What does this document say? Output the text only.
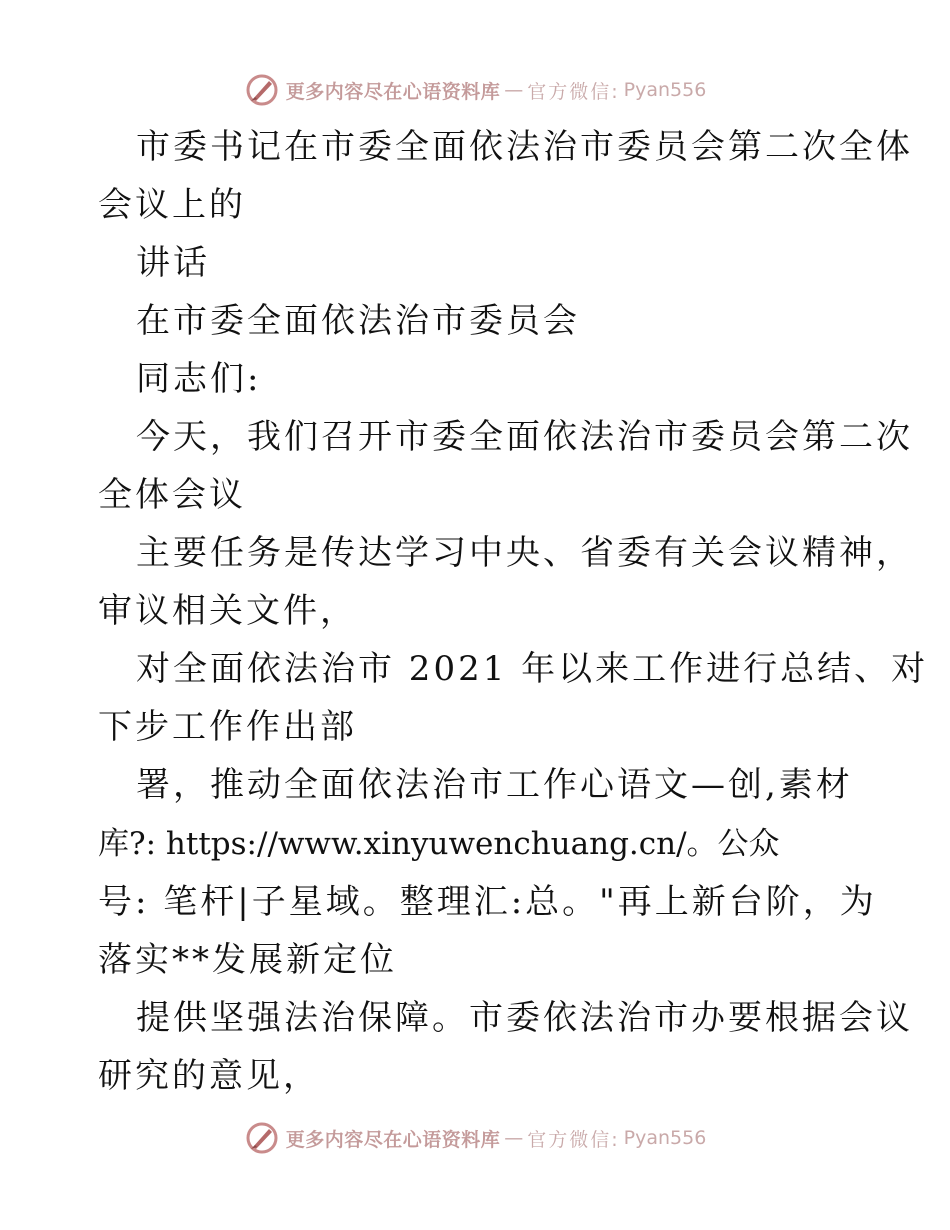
更多内容尽在心语资料库 — 官方微信: Pyan556

市委书记在市委全面依法治市委员会第二次全体

会议上的

讲话

在市委全面依法治市委员会

同志们:

今天，我们召开市委全面依法治市委员会第二次

全体会议

主要任务是传达学习中央、省委有关会议精神，

审议相关文件，

对全面依法治市 2021 年以来工作进行总结、对

下步工作作出部

署，推动全面依法治市工作心语文—创,素材

库?: https://www.xinyuwenchuang.cn/。公众

号: 笔杆|子星域。整理汇:总。"再上新台阶，为

落实**发展新定位

提供坚强法治保障。市委依法治市办要根据会议

研究的意见，

更多内容尽在心语资料库 — 官方微信: Pyan556
